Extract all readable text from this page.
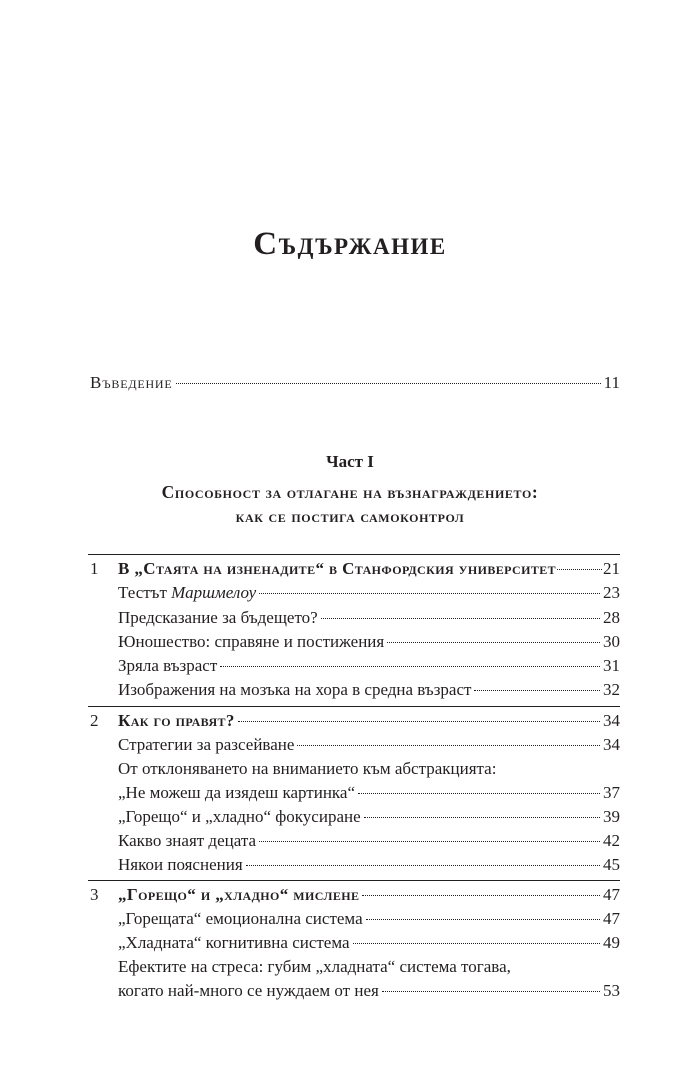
Съдържание
Въведение	11
Част I
Способност за отлагане на възнаграждението:
как се постига самоконтрол
1 В „Стаята на изненадите“ в Станфордския университет	21
Тестът Маршмелоу	23
Предсказание за бъдещето?	28
Юношество: справяне и постижения	30
Зряла възраст	31
Изображения на мозъка на хора в средна възраст	32
2 Как го правят?	34
Стратегии за разсейване	34
От отклоняването на вниманието към абстракцията:
„Не можеш да изядеш картинка“	37
„Горещо“ и „хладно“ фокусиране	39
Какво знаят децата	42
Някои пояснения	45
3 „Горещо“ и „хладно“ мислене	47
„Горещата“ емоционална система	47
„Хладната“ когнитивна система	49
Ефектите на стреса: губим „хладната“ система тогава,
когато най-много се нуждаем от нея	53
